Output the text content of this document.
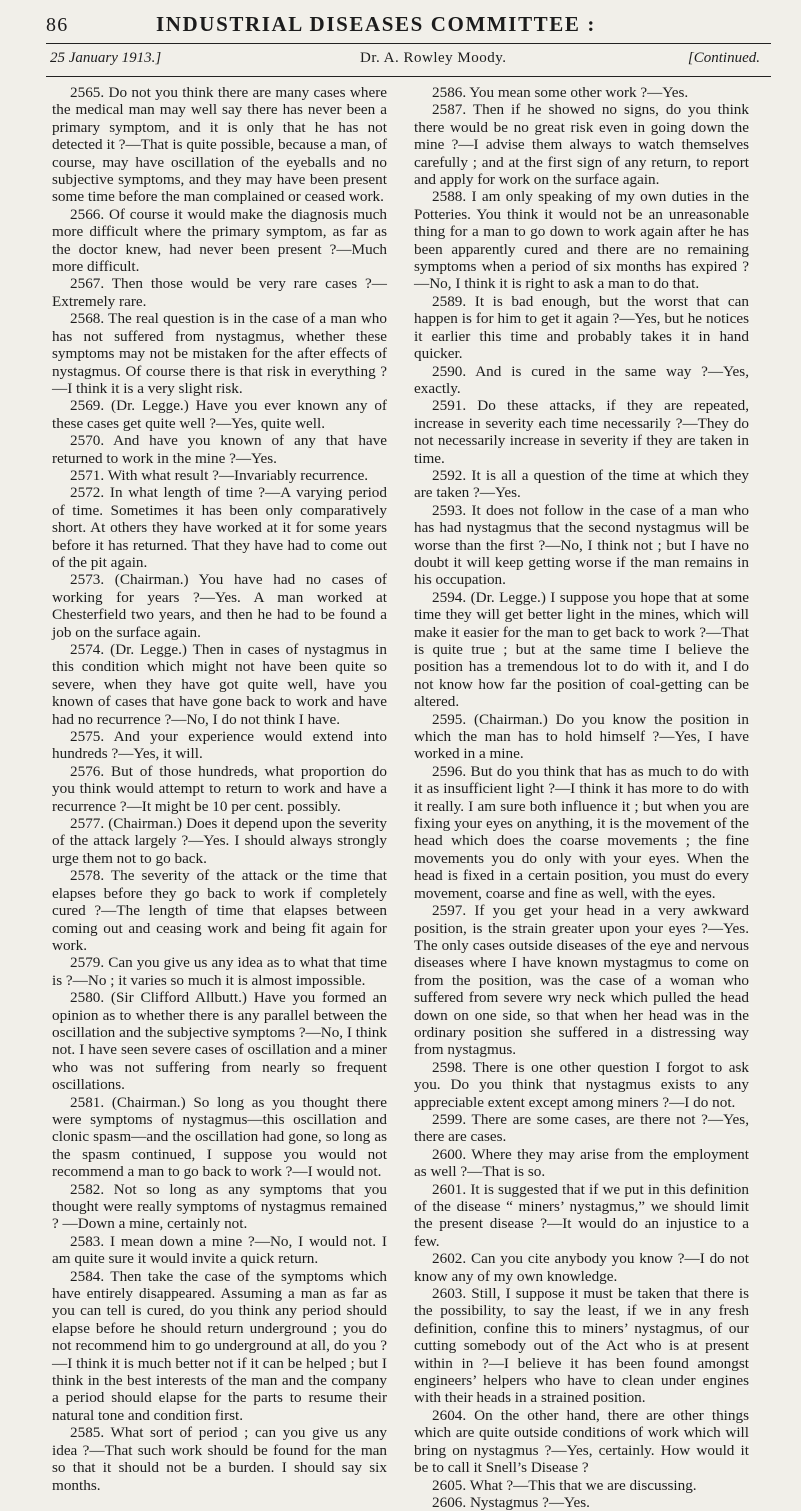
86	INDUSTRIAL DISEASES COMMITTEE :
25 January 1913.]	Dr. A. Rowley Moody.	[Continued.

2565. Do not you think there are many cases where the medical man may well say there has never been a primary symptom, and it is only that he has not detected it ?—That is quite possible, because a man, of course, may have oscillation of the eyeballs and no subjective symptoms, and they may have been present some time before the man complained or ceased work.

2566. Of course it would make the diagnosis much more difficult where the primary symptom, as far as the doctor knew, had never been present ?—Much more difficult.

2567. Then those would be very rare cases ?—Extremely rare.

2568. The real question is in the case of a man who has not suffered from nystagmus, whether these symptoms may not be mistaken for the after effects of nystagmus. Of course there is that risk in everything ? —I think it is a very slight risk.

2569. (Dr. Legge.) Have you ever known any of these cases get quite well ?—Yes, quite well.

2570. And have you known of any that have returned to work in the mine ?—Yes.

2571. With what result ?—Invariably recurrence.

2572. In what length of time ?—A varying period of time. Sometimes it has been only comparatively short. At others they have worked at it for some years before it has returned. That they have had to come out of the pit again.

2573. (Chairman.) You have had no cases of working for years ?—Yes. A man worked at Chesterfield two years, and then he had to be found a job on the surface again.

2574. (Dr. Legge.) Then in cases of nystagmus in this condition which might not have been quite so severe, when they have got quite well, have you known of cases that have gone back to work and have had no recurrence ?—No, I do not think I have.

2575. And your experience would extend into hundreds ?—Yes, it will.

2576. But of those hundreds, what proportion do you think would attempt to return to work and have a recurrence ?—It might be 10 per cent. possibly.

2577. (Chairman.) Does it depend upon the severity of the attack largely ?—Yes. I should always strongly urge them not to go back.

2578. The severity of the attack or the time that elapses before they go back to work if completely cured ?—The length of time that elapses between coming out and ceasing work and being fit again for work.

2579. Can you give us any idea as to what that time is ?—No ; it varies so much it is almost impossible.

2580. (Sir Clifford Allbutt.) Have you formed an opinion as to whether there is any parallel between the oscillation and the subjective symptoms ?—No, I think not. I have seen severe cases of oscillation and a miner who was not suffering from nearly so frequent oscillations.

2581. (Chairman.) So long as you thought there were symptoms of nystagmus—this oscillation and clonic spasm—and the oscillation had gone, so long as the spasm continued, I suppose you would not recommend a man to go back to work ?—I would not.

2582. Not so long as any symptoms that you thought were really symptoms of nystagmus remained ? —Down a mine, certainly not.

2583. I mean down a mine ?—No, I would not. I am quite sure it would invite a quick return.

2584. Then take the case of the symptoms which have entirely disappeared. Assuming a man as far as you can tell is cured, do you think any period should elapse before he should return underground ; you do not recommend him to go underground at all, do you ? —I think it is much better not if it can be helped ; but I think in the best interests of the man and the company a period should elapse for the parts to resume their natural tone and condition first.

2585. What sort of period ; can you give us any idea ?—That such work should be found for the man so that it should not be a burden. I should say six months.

2586. You mean some other work ?—Yes.

2587. Then if he showed no signs, do you think there would be no great risk even in going down the mine ?—I advise them always to watch themselves carefully ; and at the first sign of any return, to report and apply for work on the surface again.

2588. I am only speaking of my own duties in the Potteries. You think it would not be an unreasonable thing for a man to go down to work again after he has been apparently cured and there are no remaining symptoms when a period of six months has expired ?—No, I think it is right to ask a man to do that.

2589. It is bad enough, but the worst that can happen is for him to get it again ?—Yes, but he notices it earlier this time and probably takes it in hand quicker.

2590. And is cured in the same way ?—Yes, exactly.

2591. Do these attacks, if they are repeated, increase in severity each time necessarily ?—They do not necessarily increase in severity if they are taken in time.

2592. It is all a question of the time at which they are taken ?—Yes.

2593. It does not follow in the case of a man who has had nystagmus that the second nystagmus will be worse than the first ?—No, I think not ; but I have no doubt it will keep getting worse if the man remains in his occupation.

2594. (Dr. Legge.) I suppose you hope that at some time they will get better light in the mines, which will make it easier for the man to get back to work ?—That is quite true ; but at the same time I believe the position has a tremendous lot to do with it, and I do not know how far the position of coal-getting can be altered.

2595. (Chairman.) Do you know the position in which the man has to hold himself ?—Yes, I have worked in a mine.

2596. But do you think that has as much to do with it as insufficient light ?—I think it has more to do with it really. I am sure both influence it ; but when you are fixing your eyes on anything, it is the movement of the head which does the coarse movements ; the fine movements you do only with your eyes. When the head is fixed in a certain position, you must do every movement, coarse and fine as well, with the eyes.

2597. If you get your head in a very awkward position, is the strain greater upon your eyes ?—Yes. The only cases outside diseases of the eye and nervous diseases where I have known mystagmus to come on from the position, was the case of a woman who suffered from severe wry neck which pulled the head down on one side, so that when her head was in the ordinary position she suffered in a distressing way from nystagmus.

2598. There is one other question I forgot to ask you. Do you think that nystagmus exists to any appreciable extent except among miners ?—I do not.

2599. There are some cases, are there not ?—Yes, there are cases.

2600. Where they may arise from the employment as well ?—That is so.

2601. It is suggested that if we put in this definition of the disease “ miners’ nystagmus,” we should limit the present disease ?—It would do an injustice to a few.

2602. Can you cite anybody you know ?—I do not know any of my own knowledge.

2603. Still, I suppose it must be taken that there is the possibility, to say the least, if we in any fresh definition, confine this to miners’ nystagmus, of our cutting somebody out of the Act who is at present within in ?—I believe it has been found amongst engineers’ helpers who have to clean under engines with their heads in a strained position.

2604. On the other hand, there are other things which are quite outside conditions of work which will bring on nystagmus ?—Yes, certainly. How would it be to call it Snell’s Disease ?

2605. What ?—This that we are discussing.

2606. Nystagmus ?—Yes.
